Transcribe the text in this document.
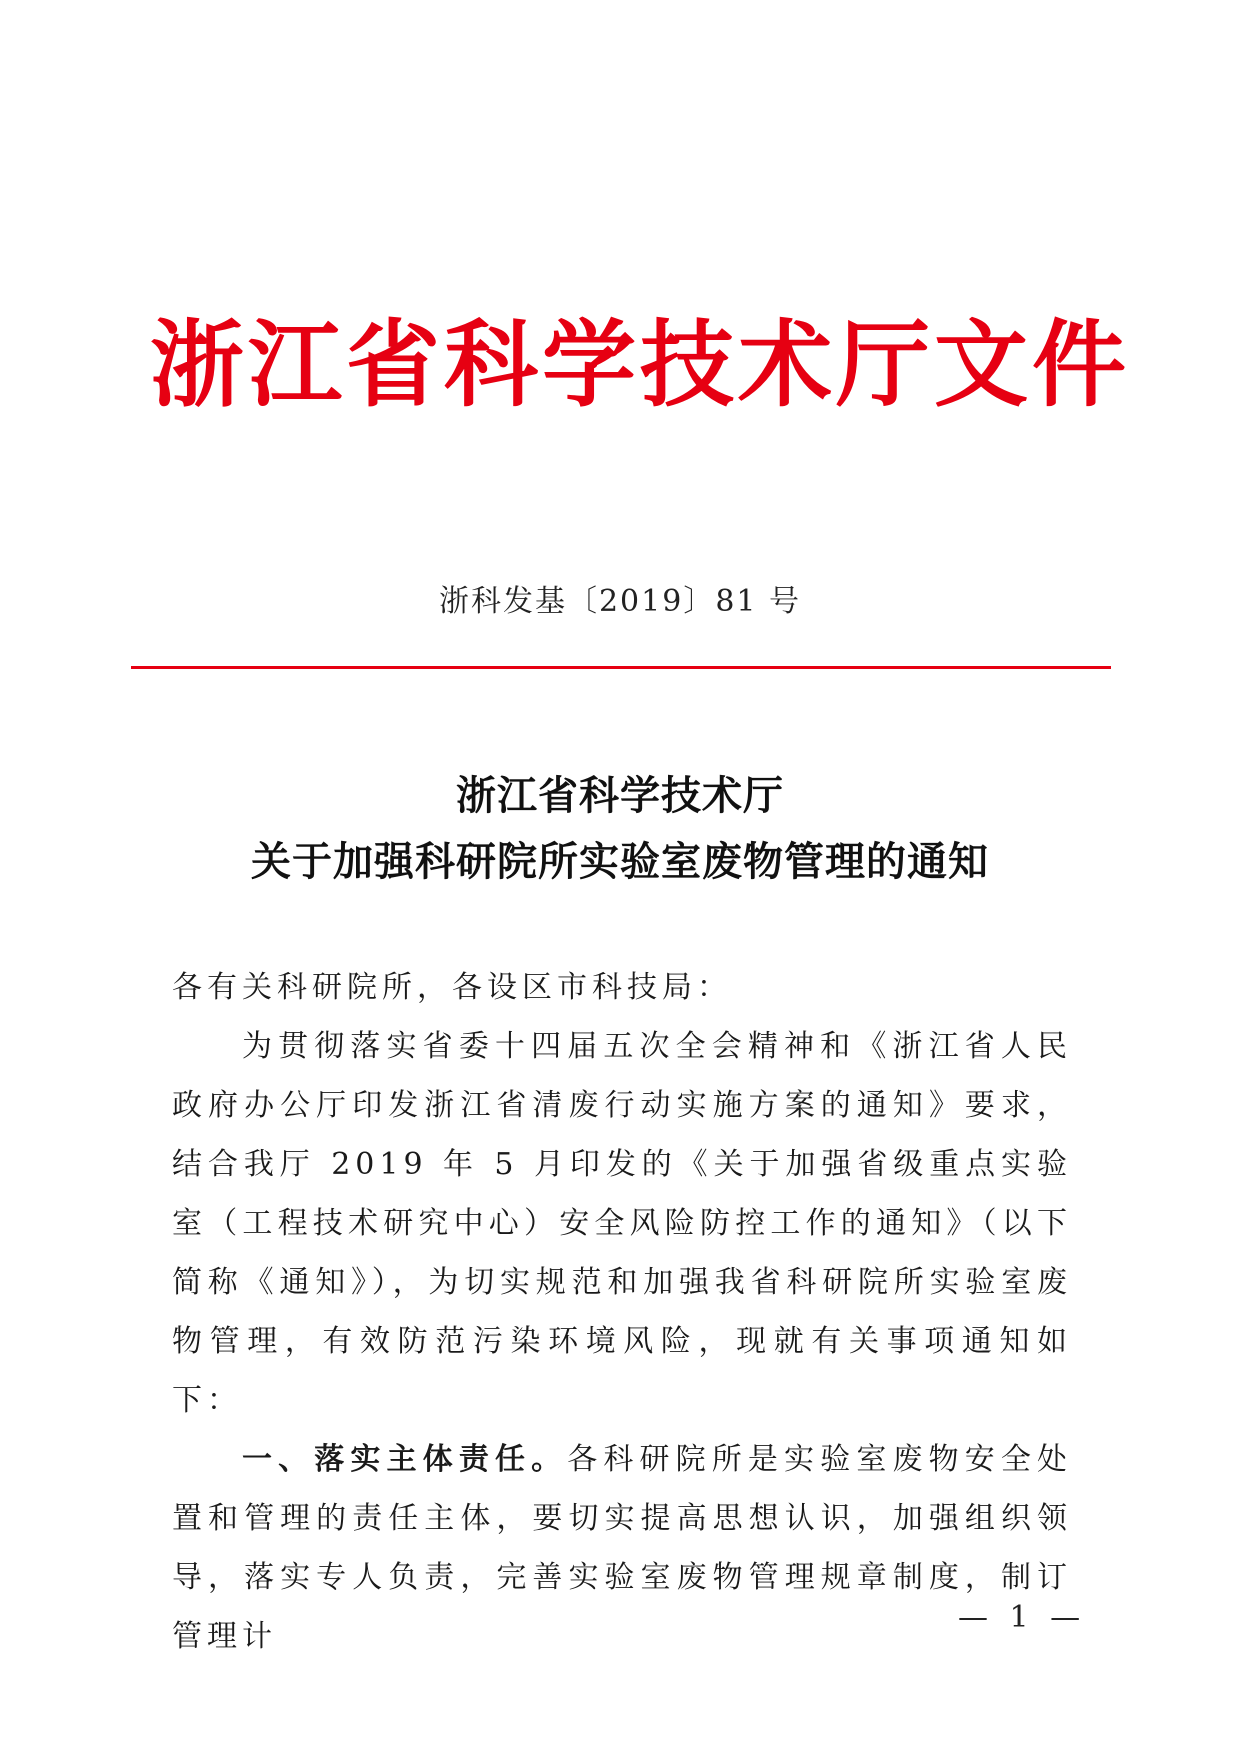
浙江省科学技术厅文件
浙科发基〔2019〕81 号
浙江省科学技术厅
关于加强科研院所实验室废物管理的通知

各有关科研院所，各设区市科技局：

为贯彻落实省委十四届五次全会精神和《浙江省人民政府办公厅印发浙江省清废行动实施方案的通知》要求，结合我厅 2019 年 5 月印发的《关于加强省级重点实验室（工程技术研究中心）安全风险防控工作的通知》（以下简称《通知》），为切实规范和加强我省科研院所实验室废物管理，有效防范污染环境风险，现就有关事项通知如下：

一、落实主体责任。各科研院所是实验室废物安全处置和管理的责任主体，要切实提高思想认识，加强组织领导，落实专人负责，完善实验室废物管理规章制度，制订管理计

— 1 —
